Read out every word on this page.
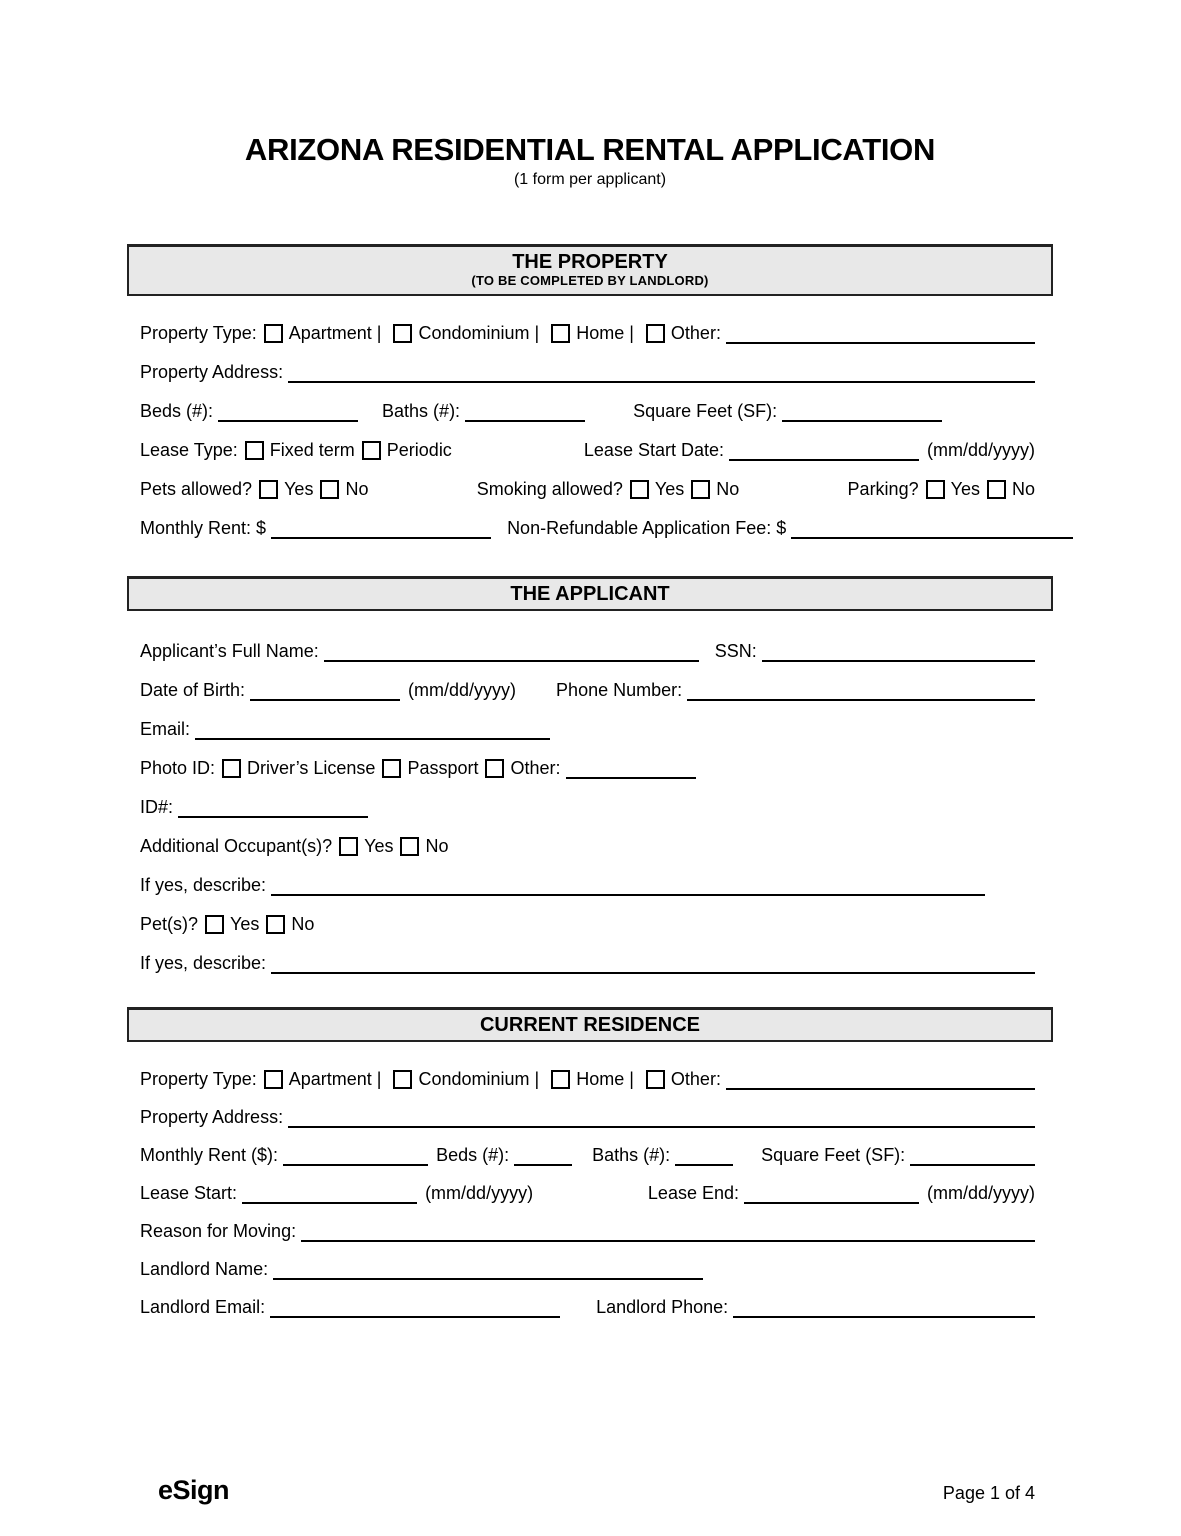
ARIZONA RESIDENTIAL RENTAL APPLICATION
(1 form per applicant)
THE PROPERTY
(TO BE COMPLETED BY LANDLORD)
Property Type: Apartment | Condominium | Home | Other:
Property Address:
Beds (#):	Baths (#):	Square Feet (SF):
Lease Type: Fixed term Periodic	Lease Start Date:	(mm/dd/yyyy)
Pets allowed? Yes No	Smoking allowed? Yes No	Parking? Yes No
Monthly Rent: $	Non-Refundable Application Fee: $
THE APPLICANT
Applicant’s Full Name:	SSN:
Date of Birth:	(mm/dd/yyyy) Phone Number:
Email:
Photo ID: Driver’s License Passport Other:
ID#:
Additional Occupant(s)? Yes No
If yes, describe:
Pet(s)? Yes No
If yes, describe:
CURRENT RESIDENCE
Property Type: Apartment | Condominium | Home | Other:
Property Address:
Monthly Rent ($):	Beds (#):	Baths (#):	Square Feet (SF):
Lease Start:	(mm/dd/yyyy)	Lease End:	(mm/dd/yyyy)
Reason for Moving:
Landlord Name:
Landlord Email:	Landlord Phone:
eSign	Page 1 of 4
